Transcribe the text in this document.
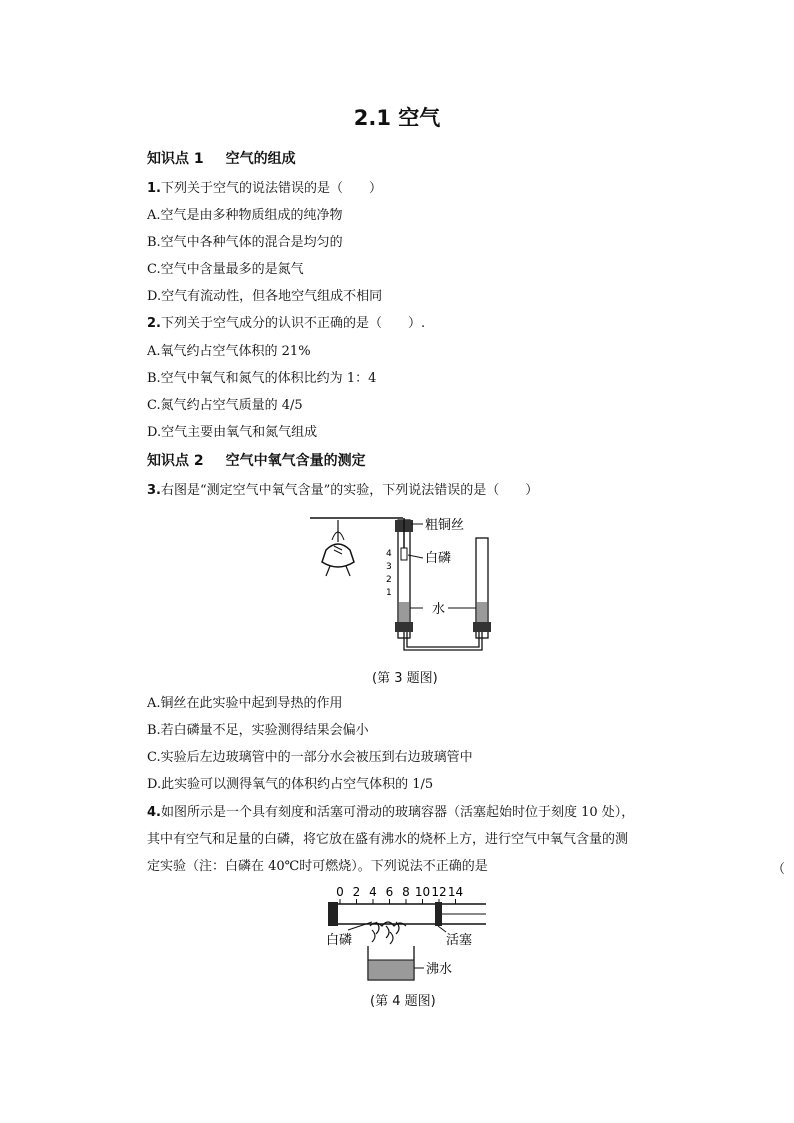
2.1 空气
知识点 1 空气的组成
1.下列关于空气的说法错误的是（　　）
A.空气是由多种物质组成的纯净物
B.空气中各种气体的混合是均匀的
C.空气中含量最多的是氮气
D.空气有流动性，但各地空气组成不相同
2.下列关于空气成分的认识不正确的是（　　）.
A.氧气约占空气体积的 21%
B.空气中氧气和氮气的体积比约为 1：4
C.氮气约占空气质量的 4/5
D.空气主要由氧气和氮气组成
知识点 2 空气中氧气含量的测定
3.右图是“测定空气中氧气含量”的实验，下列说法错误的是（　　）
4
3
2
1
粗铜丝
白磷
水
(第 3 题图)
A.铜丝在此实验中起到导热的作用
B.若白磷量不足，实验测得结果会偏小
C.实验后左边玻璃管中的一部分水会被压到右边玻璃管中
D.此实验可以测得氧气的体积约占空气体积的 1/5
4.如图所示是一个具有刻度和活塞可滑动的玻璃容器（活塞起始时位于刻度 10 处），
其中有空气和足量的白磷，将它放在盛有沸水的烧杯上方，进行空气中氧气含量的测
定实验（注：白磷在 40℃时可燃烧）。下列说法不正确的是	（
0 2 4 6 8 10 12 14
白磷	活塞
沸水
(第 4 题图)
